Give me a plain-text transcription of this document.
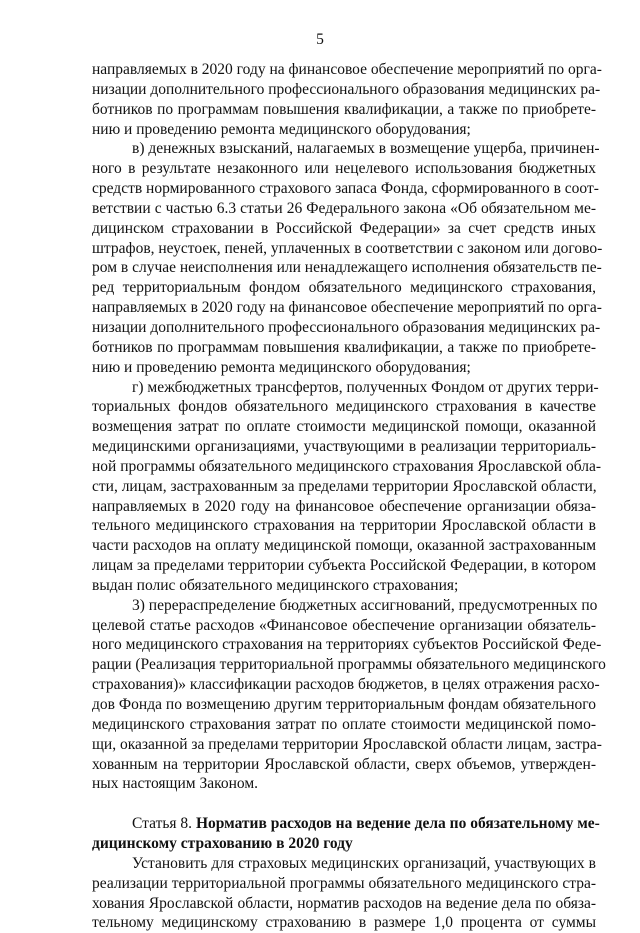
5
направляемых в 2020 году на финансовое обеспечение мероприятий по орга-
низации дополнительного профессионального образования медицинских ра-
ботников по программам повышения квалификации, а также по приобрете-
нию и проведению ремонта медицинского оборудования;
в) денежных взысканий, налагаемых в возмещение ущерба, причинен-
ного в результате незаконного или нецелевого использования бюджетных
средств нормированного страхового запаса Фонда, сформированного в соот-
ветствии с частью 6.3 статьи 26 Федерального закона «Об обязательном ме-
дицинском страховании в Российской Федерации» за счет средств иных
штрафов, неустоек, пеней, уплаченных в соответствии с законом или догово-
ром в случае неисполнения или ненадлежащего исполнения обязательств пе-
ред территориальным фондом обязательного медицинского страхования,
направляемых в 2020 году на финансовое обеспечение мероприятий по орга-
низации дополнительного профессионального образования медицинских ра-
ботников по программам повышения квалификации, а также по приобрете-
нию и проведению ремонта медицинского оборудования;
г) межбюджетных трансфертов, полученных Фондом от других терри-
ториальных фондов обязательного медицинского страхования в качестве
возмещения затрат по оплате стоимости медицинской помощи, оказанной
медицинскими организациями, участвующими в реализации территориаль-
ной программы обязательного медицинского страхования Ярославской обла-
сти, лицам, застрахованным за пределами территории Ярославской области,
направляемых в 2020 году на финансовое обеспечение организации обяза-
тельного медицинского страхования на территории Ярославской области в
части расходов на оплату медицинской помощи, оказанной застрахованным
лицам за пределами территории субъекта Российской Федерации, в котором
выдан полис обязательного медицинского страхования;
3) перераспределение бюджетных ассигнований, предусмотренных по
целевой статье расходов «Финансовое обеспечение организации обязатель-
ного медицинского страхования на территориях субъектов Российской Феде-
рации (Реализация территориальной программы обязательного медицинского
страхования)» классификации расходов бюджетов, в целях отражения расхо-
дов Фонда по возмещению другим территориальным фондам обязательного
медицинского страхования затрат по оплате стоимости медицинской помо-
щи, оказанной за пределами территории Ярославской области лицам, застра-
хованным на территории Ярославской области, сверх объемов, утвержден-
ных настоящим Законом.
Статья 8. Норматив расходов на ведение дела по обязательному ме-
дицинскому страхованию в 2020 году
Установить для страховых медицинских организаций, участвующих в
реализации территориальной программы обязательного медицинского стра-
хования Ярославской области, норматив расходов на ведение дела по обяза-
тельному медицинскому страхованию в размере 1,0 процента от суммы
